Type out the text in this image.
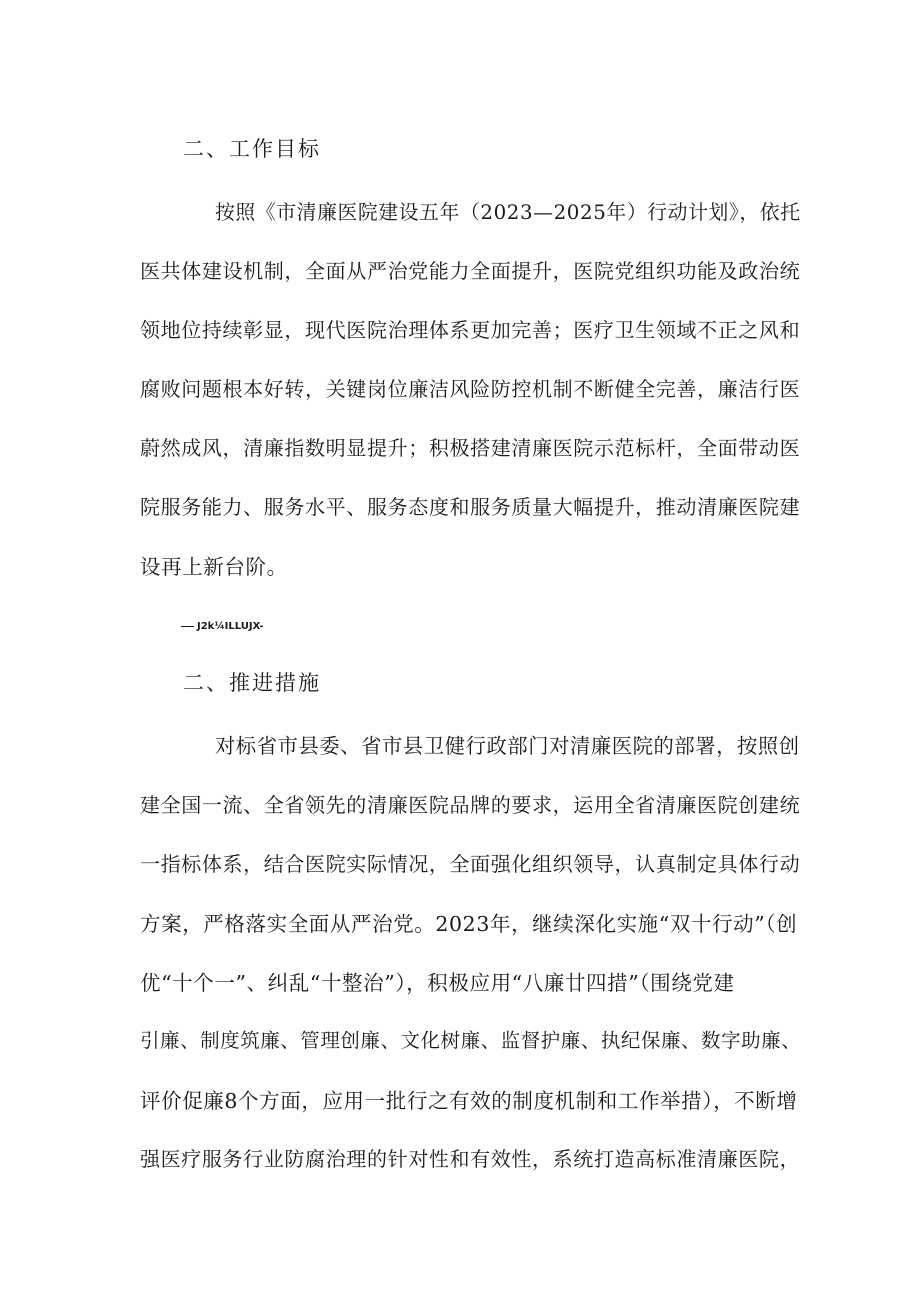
二、工作目标
按照《市清廉医院建设五年（2023—2025年）行动计划》，依托
医共体建设机制，全面从严治党能力全面提升，医院党组织功能及政治统
领地位持续彰显，现代医院治理体系更加完善；医疗卫生领域不正之风和
腐败问题根本好转，关键岗位廉洁风险防控机制不断健全完善，廉洁行医
蔚然成风，清廉指数明显提升；积极搭建清廉医院示范标杆，全面带动医
院服务能力、服务水平、服务态度和服务质量大幅提升，推动清廉医院建
设再上新台阶。
J2k¼ILLUJX-
二、推进措施
对标省市县委、省市县卫健行政部门对清廉医院的部署，按照创
建全国一流、全省领先的清廉医院品牌的要求，运用全省清廉医院创建统
一指标体系，结合医院实际情况，全面强化组织领导，认真制定具体行动
方案，严格落实全面从严治党。2023年，继续深化实施“双十行动”（创
优“十个一”、纠乱“十整治”），积极应用“八廉廿四措”（围绕党建
引廉、制度筑廉、管理创廉、文化树廉、监督护廉、执纪保廉、数字助廉、
评价促廉8个方面，应用一批行之有效的制度机制和工作举措），不断增
强医疗服务行业防腐治理的针对性和有效性，系统打造高标准清廉医院，
